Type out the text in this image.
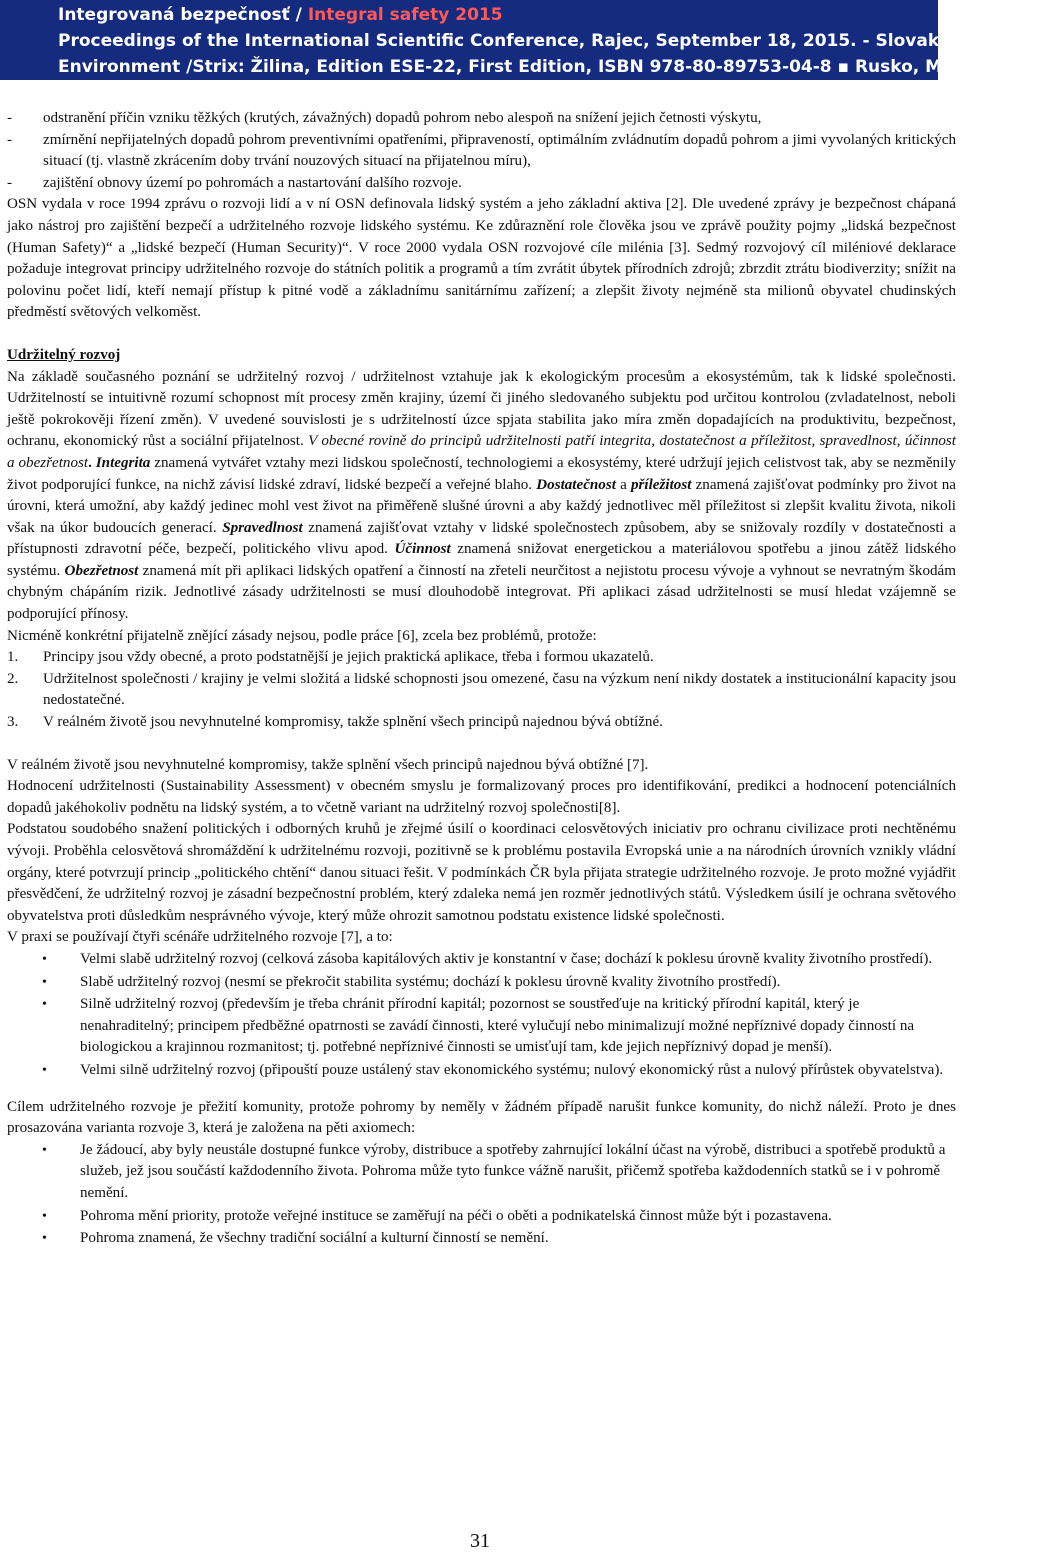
Integrovaná bezpečnosť / Integral safety 2015
Proceedings of the International Scientific Conference, Rajec, September 18, 2015. - Slovak Society for
Environment /Strix: Žilina, Edition ESE-22, First Edition, ISBN 978-80-89753-04-8 ▪ Rusko, M. [Ed.] ▪
-	odstranění příčin vzniku těžkých (krutých, závažných) dopadů pohrom nebo alespoň na snížení jejich četnosti výskytu,
-	zmírnění nepřijatelných dopadů pohrom preventivními opatřeními, připraveností, optimálním zvládnutím dopadů pohrom a jimi vyvolaných kritických situací (tj. vlastně zkrácením doby trvání nouzových situací na přijatelnou míru),
-	zajištění obnovy území po pohromách a nastartování dalšího rozvoje.

OSN vydala v roce 1994 zprávu o rozvoji lidí a v ní OSN definovala lidský systém a jeho základní aktiva [2]. Dle uvedené zprávy je bezpečnost chápaná jako nástroj pro zajištění bezpečí a udržitelného rozvoje lidského systému. Ke zdůraznění role člověka jsou ve zprávě použity pojmy „lidská bezpečnost (Human Safety)“ a „lidské bezpečí (Human Security)“. V roce 2000 vydala OSN rozvojové cíle milénia [3]. Sedmý rozvojový cíl miléniové deklarace požaduje integrovat principy udržitelného rozvoje do státních politik a programů a tím zvrátit úbytek přírodních zdrojů; zbrzdit ztrátu biodiverzity; snížit na polovinu počet lidí, kteří nemají přístup k pitné vodě a základnímu sanitárnímu zařízení; a zlepšit životy nejméně sta milionů obyvatel chudinských předměstí světových velkoměst.

Udržitelný rozvoj

Na základě současného poznání se udržitelný rozvoj / udržitelnost vztahuje jak k ekologickým procesům a ekosystémům, tak k lidské společnosti. Udržitelností se intuitivně rozumí schopnost mít procesy změn krajiny, území či jiného sledovaného subjektu pod určitou kontrolou (zvladatelnost, neboli ještě pokrokověji řízení změn). V uvedené souvislosti je s udržitelností úzce spjata stabilita jako míra změn dopadajících na produktivitu, bezpečnost, ochranu, ekonomický růst a sociální přijatelnost. V obecné rovině do principů udržitelnosti patří integrita, dostatečnost a příležitost, spravedlnost, účinnost a obezřetnost. Integrita znamená vytvářet vztahy mezi lidskou společností, technologiemi a ekosystémy, které udržují jejich celistvost tak, aby se nezměnily život podporující funkce, na nichž závisí lidské zdraví, lidské bezpečí a veřejné blaho. Dostatečnost a příležitost znamená zajišťovat podmínky pro život na úrovni, která umožní, aby každý jedinec mohl vest život na přiměřeně slušné úrovni a aby každý jednotlivec měl příležitost si zlepšit kvalitu života, nikoli však na úkor budoucích generací. Spravedlnost znamená zajišťovat vztahy v lidské společnostech způsobem, aby se snižovaly rozdíly v dostatečnosti a přístupnosti zdravotní péče, bezpečí, politického vlivu apod. Účinnost znamená snižovat energetickou a materiálovou spotřebu a jinou zátěž lidského systému. Obezřetnost znamená mít při aplikaci lidských opatření a činností na zřeteli neurčitost a nejistotu procesu vývoje a vyhnout se nevratným škodám chybným chápáním rizik. Jednotlivé zásady udržitelnosti se musí dlouhodobě integrovat. Při aplikaci zásad udržitelnosti se musí hledat vzájemně se podporující přínosy.

Nicméně konkrétní přijatelně znějící zásady nejsou, podle práce [6], zcela bez problémů, protože:

1.	Principy jsou vždy obecné, a proto podstatnější je jejich praktická aplikace, třeba i formou ukazatelů.
2.	Udržitelnost společnosti / krajiny je velmi složitá a lidské schopnosti jsou omezené, času na výzkum není nikdy dostatek a institucionální kapacity jsou nedostatečné.
3.	V reálném životě jsou nevyhnutelné kompromisy, takže splnění všech principů najednou bývá obtížné.

V reálném životě jsou nevyhnutelné kompromisy, takže splnění všech principů najednou bývá obtížné [7].

Hodnocení udržitelnosti (Sustainability Assessment) v obecném smyslu je formalizovaný proces pro identifikování, predikci a hodnocení potenciálních dopadů jakéhokoliv podnětu na lidský systém, a to včetně variant na udržitelný rozvoj společnosti[8].

Podstatou soudobého snažení politických i odborných kruhů je zřejmé úsilí o koordinaci celosvětových iniciativ pro ochranu civilizace proti nechtěnému vývoji. Proběhla celosvětová shromáždění k udržitelnému rozvoji, pozitivně se k problému postavila Evropská unie a na národních úrovních vznikly vládní orgány, které potvrzují princip „politického chtění“ danou situaci řešit. V podmínkách ČR byla přijata strategie udržitelného rozvoje. Je proto možné vyjádřit přesvědčení, že udržitelný rozvoj je zásadní bezpečnostní problém, který zdaleka nemá jen rozměr jednotlivých států. Výsledkem úsilí je ochrana světového obyvatelstva proti důsledkům nesprávného vývoje, který může ohrozit samotnou podstatu existence lidské společnosti.

V praxi se používají čtyři scénáře udržitelného rozvoje [7], a to:

•	Velmi slabě udržitelný rozvoj (celková zásoba kapitálových aktiv je konstantní v čase; dochází k poklesu úrovně kvality životního prostředí).
•	Slabě udržitelný rozvoj (nesmí se překročit stabilita systému; dochází k poklesu úrovně kvality životního prostředí).
•	Silně udržitelný rozvoj (především je třeba chránit přírodní kapitál; pozornost se soustřeďuje na kritický přírodní kapitál, který je nenahraditelný; principem předběžné opatrnosti se zavádí činnosti, které vylučují nebo minimalizují možné nepříznivé dopady činností na biologickou a krajinnou rozmanitost; tj. potřebné nepříznivé činnosti se umisťují tam, kde jejich nepříznivý dopad je menší).
•	Velmi silně udržitelný rozvoj (připouští pouze ustálený stav ekonomického systému; nulový ekonomický růst a nulový přírůstek obyvatelstva).

Cílem udržitelného rozvoje je přežití komunity, protože pohromy by neměly v žádném případě narušit funkce komunity, do nichž náleží. Proto je dnes prosazována varianta rozvoje 3, která je založena na pěti axiomech:

•	Je žádoucí, aby byly neustále dostupné funkce výroby, distribuce a spotřeby zahrnující lokální účast na výrobě, distribuci a spotřebě produktů a služeb, jež jsou součástí každodenního života. Pohroma může tyto funkce vážně narušit, přičemž spotřeba každodenních statků se i v pohromě nemění.
•	Pohroma mění priority, protože veřejné instituce se zaměřují na péči o oběti a podnikatelská činnost může být i pozastavena.
•	Pohroma znamená, že všechny tradiční sociální a kulturní činností se nemění.
31
